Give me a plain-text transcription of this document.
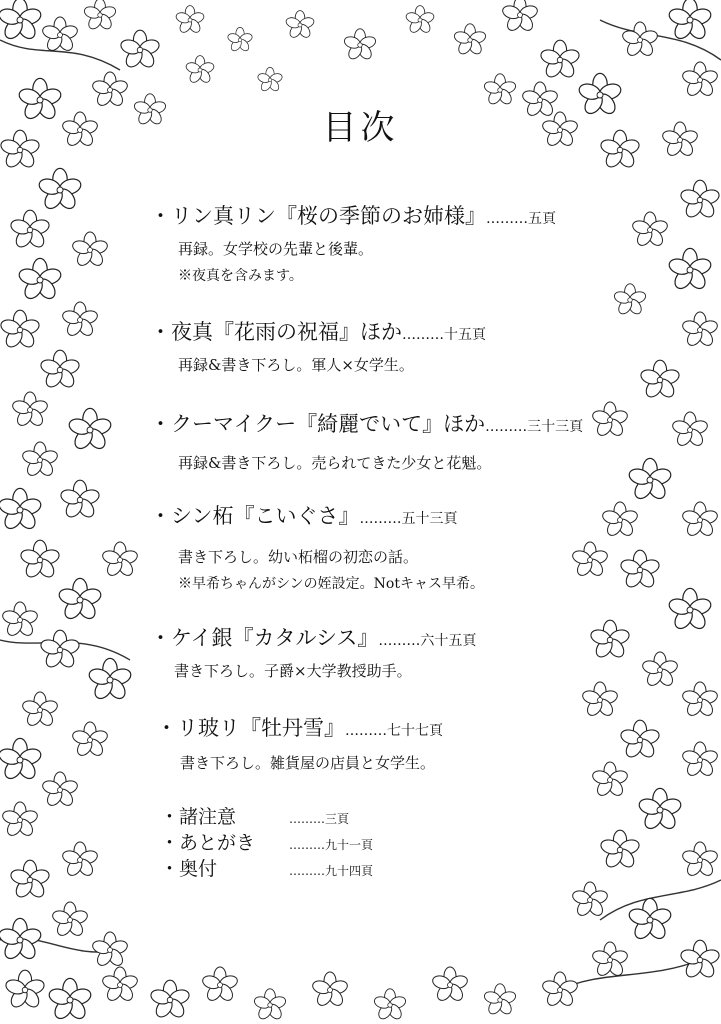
目次
・リン真リン『桜の季節のお姉様』………五頁
再録。女学校の先輩と後輩。
※夜真を含みます。
・夜真『花雨の祝福』ほか………十五頁
再録&書き下ろし。軍人×女学生。
・クーマイクー『綺麗でいて』ほか………三十三頁
再録&書き下ろし。売られてきた少女と花魁。
・シン柘『こいぐさ』………五十三頁
書き下ろし。幼い柘榴の初恋の話。
※早希ちゃんがシンの姪設定。Notキャス早希。
・ケイ銀『カタルシス』………六十五頁
書き下ろし。子爵×大学教授助手。
・リ玻リ『牡丹雪』………七十七頁
書き下ろし。雑貨屋の店員と女学生。
・諸注意	………三頁
・あとがき	………九十一頁
・奥付	………九十四頁
